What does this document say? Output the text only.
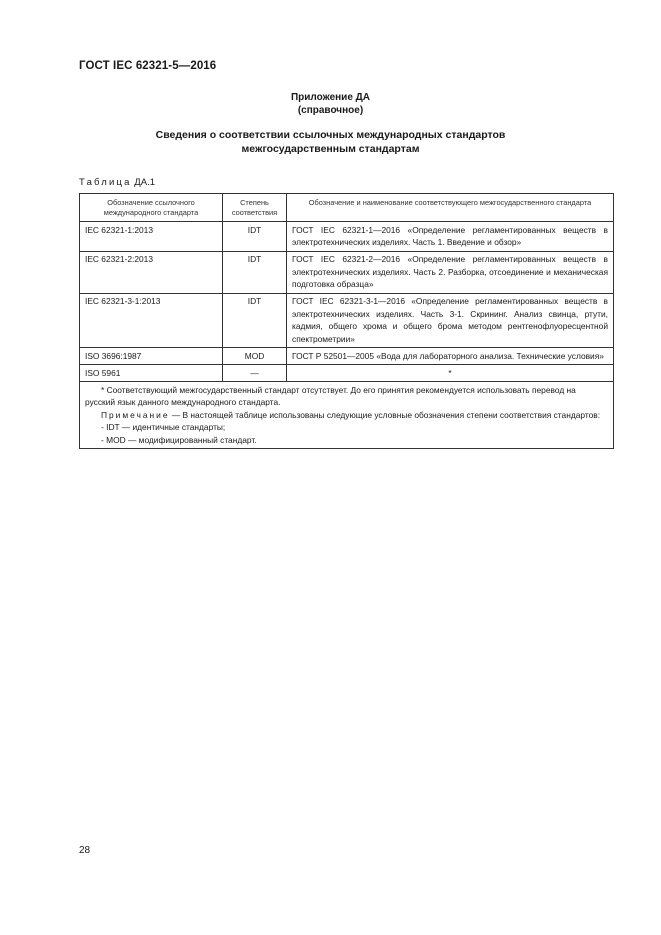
ГОСТ IEC 62321-5—2016
Приложение ДА
(справочное)
Сведения о соответствии ссылочных международных стандартов
межгосударственным стандартам
Таблица ДА.1
Обозначение ссылочного международного стандарта	Степень соответствия	Обозначение и наименование соответствующего межгосударственного стандарта
IEC 62321-1:2013	IDT	ГОСТ IEC 62321-1—2016 «Определение регламентированных веществ в электротехнических изделиях. Часть 1. Введение и обзор»
IEC 62321-2:2013	IDT	ГОСТ IEC 62321-2—2016 «Определение регламентированных веществ в электротехнических изделиях. Часть 2. Разборка, отсоединение и механическая подготовка образца»
IEC 62321-3-1:2013	IDT	ГОСТ IEC 62321-3-1—2016 «Определение регламентированных веществ в электротехнических изделиях. Часть 3-1. Скрининг. Анализ свинца, ртути, кадмия, общего хрома и общего брома методом рентгенофлуоресцентной спектрометрии»
ISO 3696:1987	MOD	ГОСТ Р 52501—2005 «Вода для лабораторного анализа. Технические условия»
ISO 5961	—	*

* Соответствующий межгосударственный стандарт отсутствует. До его принятия рекомендуется использовать перевод на русский язык данного международного стандарта.
Примечание — В настоящей таблице использованы следующие условные обозначения степени соответствия стандартов:
- IDT — идентичные стандарты;
- MOD — модифицированный стандарт.		
28
